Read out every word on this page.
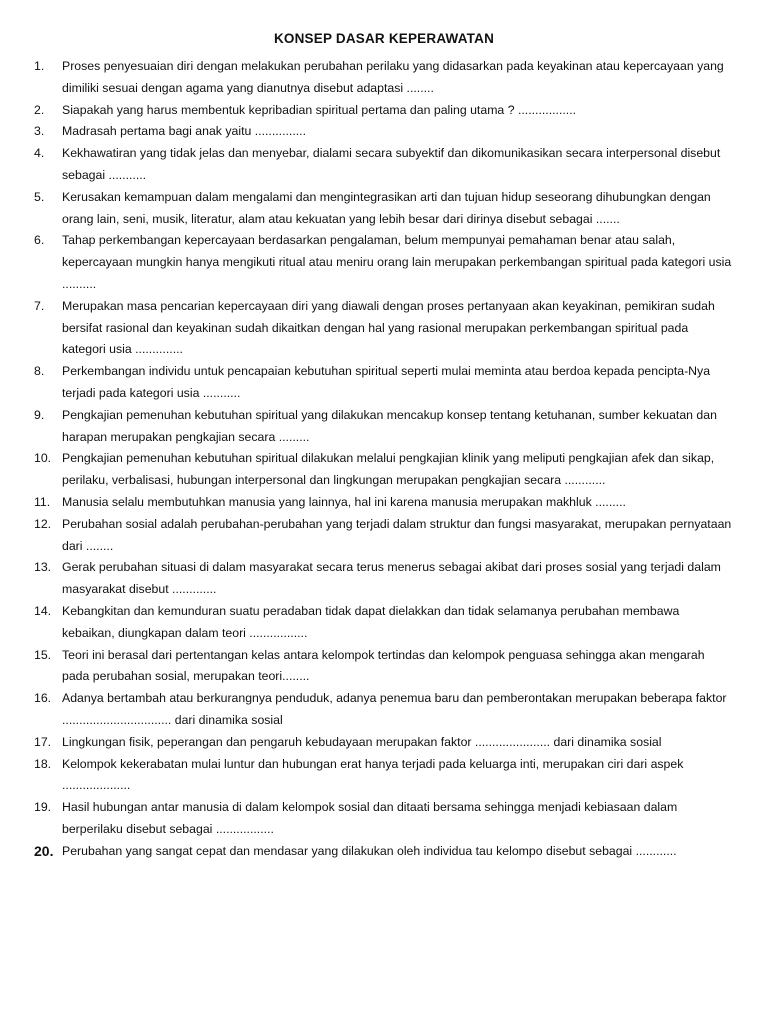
KONSEP DASAR KEPERAWATAN
1.	Proses penyesuaian diri dengan melakukan perubahan perilaku yang didasarkan pada keyakinan atau kepercayaan yang dimiliki sesuai dengan agama yang dianutnya disebut adaptasi ........
2.	Siapakah yang harus membentuk kepribadian spiritual pertama dan paling utama ? .................
3.	Madrasah pertama bagi anak yaitu ...............
4.	Kekhawatiran yang tidak jelas dan menyebar, dialami secara subyektif dan dikomunikasikan secara interpersonal disebut sebagai ...........
5.	Kerusakan kemampuan dalam mengalami dan mengintegrasikan arti dan tujuan hidup seseorang dihubungkan dengan orang lain, seni, musik, literatur, alam atau kekuatan yang lebih besar dari dirinya disebut sebagai .......
6.	Tahap perkembangan kepercayaan berdasarkan pengalaman, belum mempunyai pemahaman benar atau salah, kepercayaan mungkin hanya mengikuti ritual atau meniru orang lain merupakan perkembangan spiritual pada kategori usia ..........
7.	Merupakan masa pencarian kepercayaan diri yang diawali dengan proses pertanyaan akan keyakinan, pemikiran sudah bersifat rasional dan keyakinan sudah dikaitkan dengan hal yang rasional merupakan perkembangan spiritual pada kategori usia ..............
8.	Perkembangan individu untuk pencapaian kebutuhan spiritual seperti mulai meminta atau berdoa kepada pencipta-Nya terjadi pada kategori usia ...........
9.	Pengkajian pemenuhan kebutuhan spiritual yang dilakukan mencakup konsep tentang ketuhanan, sumber kekuatan dan harapan merupakan pengkajian secara .........
10. Pengkajian pemenuhan kebutuhan spiritual dilakukan melalui pengkajian klinik yang meliputi pengkajian afek dan sikap, perilaku, verbalisasi, hubungan interpersonal dan lingkungan merupakan pengkajian secara ............
11. Manusia selalu membutuhkan manusia yang lainnya, hal ini karena manusia merupakan makhluk .........
12. Perubahan sosial adalah perubahan-perubahan yang terjadi dalam struktur dan fungsi masyarakat, merupakan pernyataan dari ........
13. Gerak perubahan situasi di dalam masyarakat secara terus menerus sebagai akibat dari proses sosial yang terjadi dalam masyarakat disebut .............
14. Kebangkitan dan kemunduran suatu peradaban tidak dapat dielakkan dan tidak selamanya perubahan membawa kebaikan, diungkapan dalam teori .................
15. Teori ini berasal dari pertentangan kelas antara kelompok tertindas dan kelompok penguasa sehingga akan mengarah pada perubahan sosial, merupakan teori........
16. Adanya bertambah atau berkurangnya penduduk, adanya penemua baru dan pemberontakan merupakan beberapa faktor ................................ dari dinamika sosial
17. Lingkungan fisik, peperangan dan pengaruh kebudayaan merupakan faktor ...................... dari dinamika sosial
18. Kelompok kekerabatan mulai luntur dan hubungan erat hanya terjadi pada keluarga inti, merupakan ciri dari aspek ....................
19. Hasil hubungan antar manusia di dalam kelompok sosial dan ditaati bersama sehingga menjadi kebiasaan dalam berperilaku disebut sebagai .................
20. Perubahan yang sangat cepat dan mendasar yang dilakukan oleh individua tau kelompo disebut sebagai ............
